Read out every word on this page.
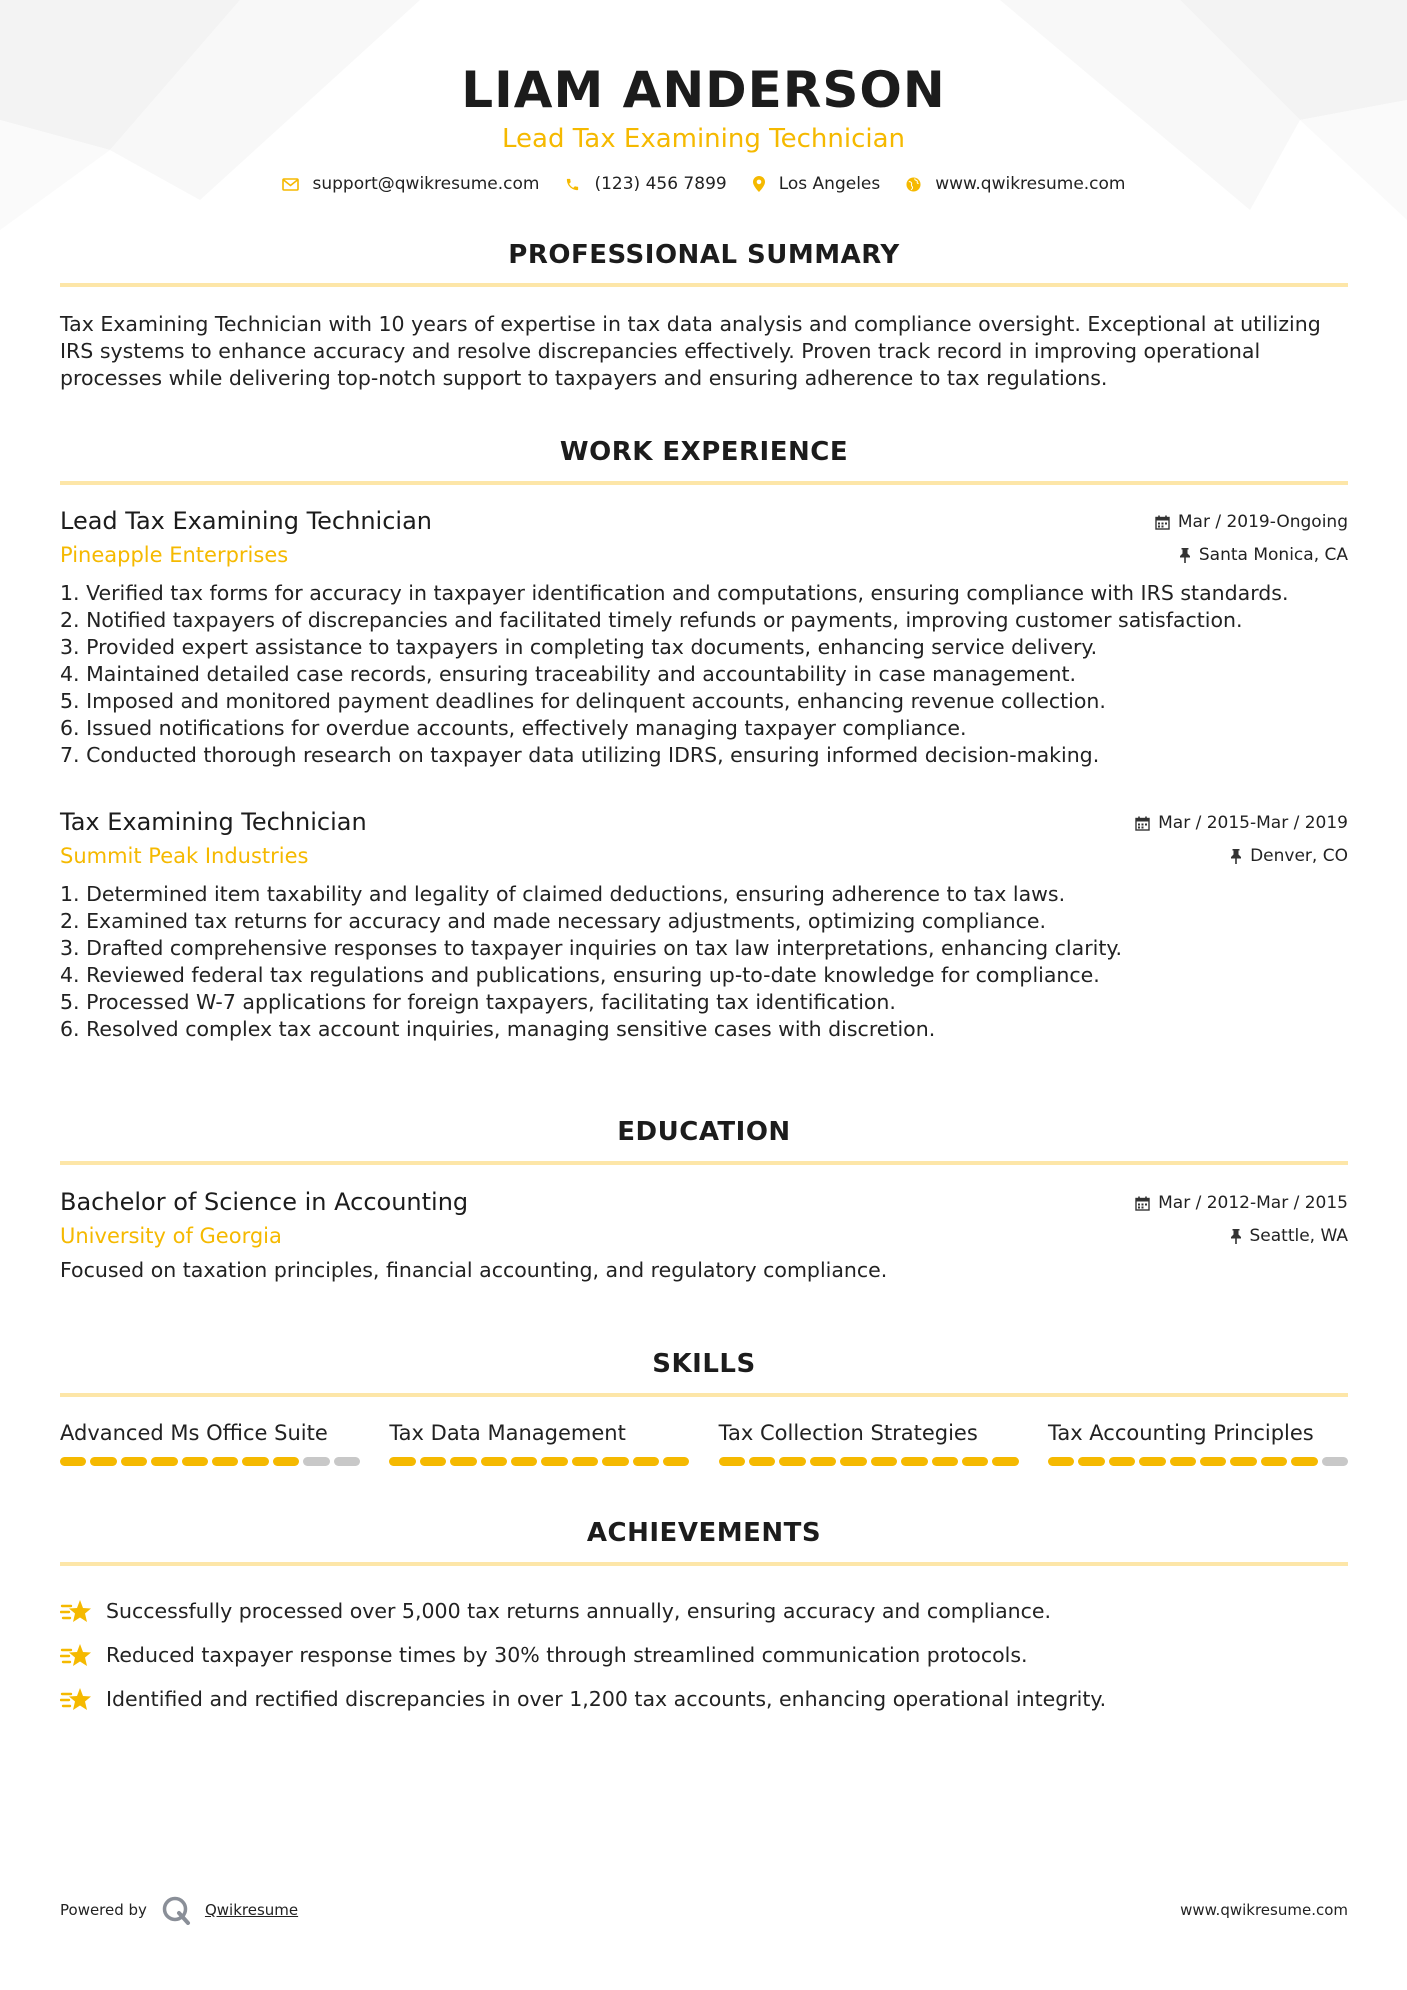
LIAM ANDERSON
Lead Tax Examining Technician
support@qwikresume.com	(123) 456 7899	Los Angeles	www.qwikresume.com
PROFESSIONAL SUMMARY
Tax Examining Technician with 10 years of expertise in tax data analysis and compliance oversight. Exceptional at utilizing IRS systems to enhance accuracy and resolve discrepancies effectively. Proven track record in improving operational processes while delivering top-notch support to taxpayers and ensuring adherence to tax regulations.
WORK EXPERIENCE
Lead Tax Examining Technician	Mar / 2019-Ongoing
Pineapple Enterprises	Santa Monica, CA
1. Verified tax forms for accuracy in taxpayer identification and computations, ensuring compliance with IRS standards.
2. Notified taxpayers of discrepancies and facilitated timely refunds or payments, improving customer satisfaction.
3. Provided expert assistance to taxpayers in completing tax documents, enhancing service delivery.
4. Maintained detailed case records, ensuring traceability and accountability in case management.
5. Imposed and monitored payment deadlines for delinquent accounts, enhancing revenue collection.
6. Issued notifications for overdue accounts, effectively managing taxpayer compliance.
7. Conducted thorough research on taxpayer data utilizing IDRS, ensuring informed decision-making.
Tax Examining Technician	Mar / 2015-Mar / 2019
Summit Peak Industries	Denver, CO
1. Determined item taxability and legality of claimed deductions, ensuring adherence to tax laws.
2. Examined tax returns for accuracy and made necessary adjustments, optimizing compliance.
3. Drafted comprehensive responses to taxpayer inquiries on tax law interpretations, enhancing clarity.
4. Reviewed federal tax regulations and publications, ensuring up-to-date knowledge for compliance.
5. Processed W-7 applications for foreign taxpayers, facilitating tax identification.
6. Resolved complex tax account inquiries, managing sensitive cases with discretion.
EDUCATION
Bachelor of Science in Accounting	Mar / 2012-Mar / 2015
University of Georgia	Seattle, WA
Focused on taxation principles, financial accounting, and regulatory compliance.
SKILLS
Advanced Ms Office Suite	Tax Data Management	Tax Collection Strategies	Tax Accounting Principles
ACHIEVEMENTS
Successfully processed over 5,000 tax returns annually, ensuring accuracy and compliance.
Reduced taxpayer response times by 30% through streamlined communication protocols.
Identified and rectified discrepancies in over 1,200 tax accounts, enhancing operational integrity.
Powered by	Qwikresume	www.qwikresume.com
